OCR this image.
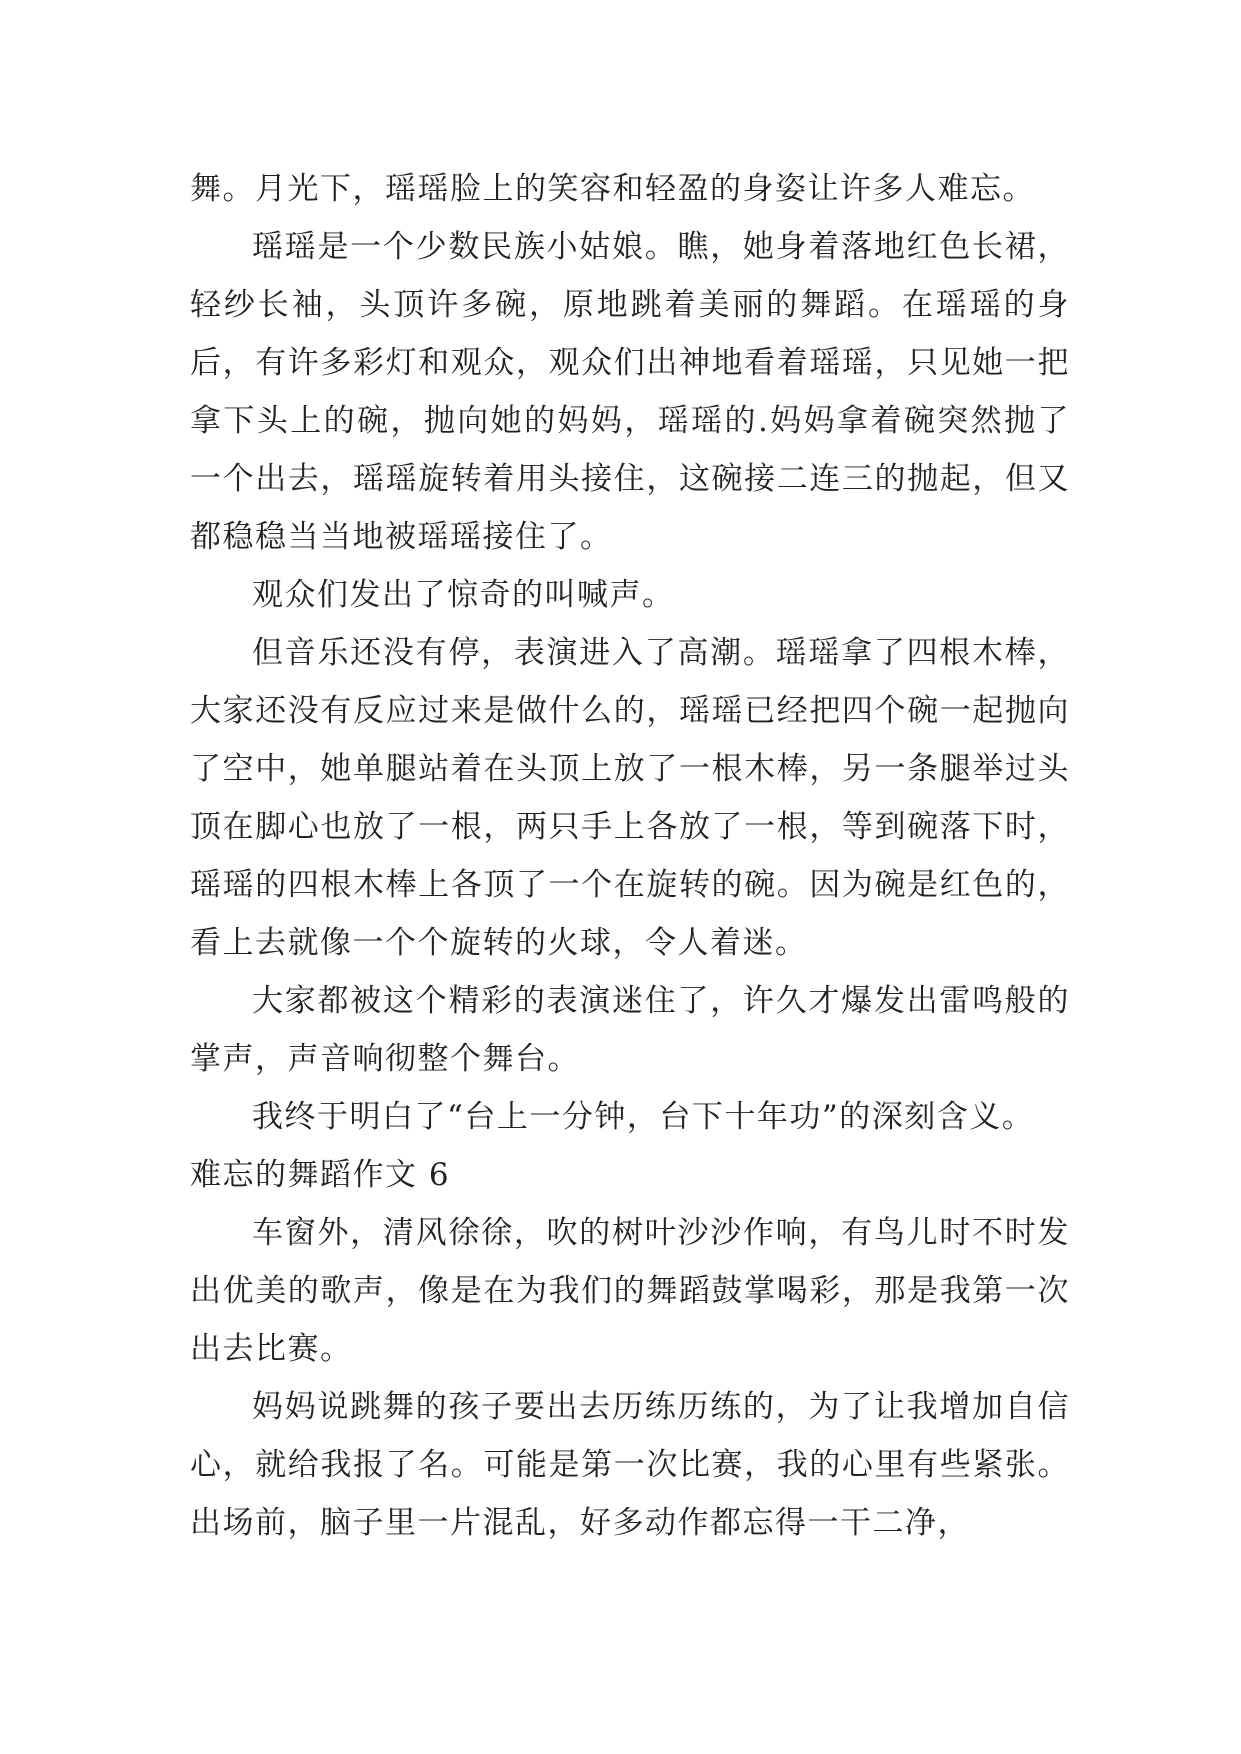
舞。月光下，瑶瑶脸上的笑容和轻盈的身姿让许多人难忘。

瑶瑶是一个少数民族小姑娘。瞧，她身着落地红色长裙，轻纱长袖，头顶许多碗，原地跳着美丽的舞蹈。在瑶瑶的身后，有许多彩灯和观众，观众们出神地看着瑶瑶，只见她一把拿下头上的碗，抛向她的妈妈，瑶瑶的.妈妈拿着碗突然抛了一个出去，瑶瑶旋转着用头接住，这碗接二连三的抛起，但又都稳稳当当地被瑶瑶接住了。

观众们发出了惊奇的叫喊声。

但音乐还没有停，表演进入了高潮。瑶瑶拿了四根木棒，大家还没有反应过来是做什么的，瑶瑶已经把四个碗一起抛向了空中，她单腿站着在头顶上放了一根木棒，另一条腿举过头顶在脚心也放了一根，两只手上各放了一根，等到碗落下时，瑶瑶的四根木棒上各顶了一个在旋转的碗。因为碗是红色的，看上去就像一个个旋转的火球，令人着迷。

大家都被这个精彩的表演迷住了，许久才爆发出雷鸣般的掌声，声音响彻整个舞台。

我终于明白了“台上一分钟，台下十年功”的深刻含义。

难忘的舞蹈作文 6

车窗外，清风徐徐，吹的树叶沙沙作响，有鸟儿时不时发出优美的歌声，像是在为我们的舞蹈鼓掌喝彩，那是我第一次出去比赛。

妈妈说跳舞的孩子要出去历练历练的，为了让我增加自信心，就给我报了名。可能是第一次比赛，我的心里有些紧张。出场前，脑子里一片混乱，好多动作都忘得一干二净，
